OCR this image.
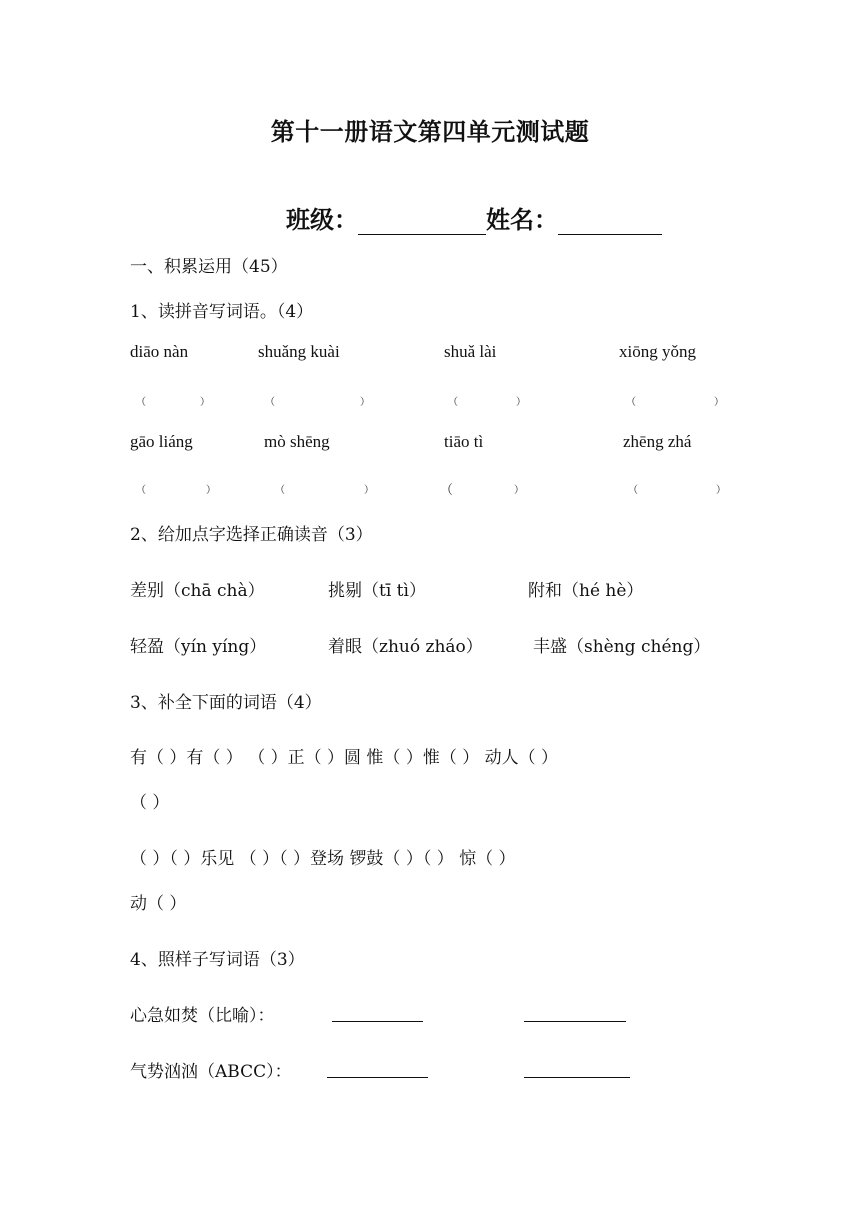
第十一册语文第四单元测试题
班级：	姓名：
一、积累运用（45）
1、读拼音写词语。（4）
diāo nàn	shuǎng kuài	shuǎ lài	xiōng yǒng
（	）	（	）	（	）	（	）
gāo liáng	mò shēng	tiāo tì	zhēng zhá
（	）	（	）	（	）	（	）
2、给加点字选择正确读音（3）
差别（chā chà）	挑剔（tī tì）	附和（hé hè）
轻盈（yín yíng）	着眼（zhuó zháo）	丰盛（shèng chéng）
3、补全下面的词语（4）
有（ ）有（ ） （ ）正（ ）圆 惟（ ）惟（ ） 动人（ ）
（ ）
（ ）（ ）乐见 （ ）（ ）登场 锣鼓（ ）（ ） 惊（ ）
动（ ）
4、照样子写词语（3）
心急如焚（比喻）：
气势汹汹（ABCC）：
